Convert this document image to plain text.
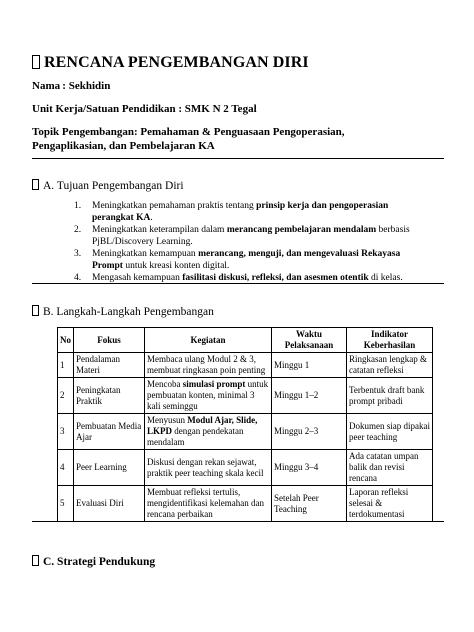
RENCANA PENGEMBANGAN DIRI
Nama : Sekhidin
Unit Kerja/Satuan Pendidikan : SMK N 2 Tegal
Topik Pengembangan: Pemahaman & Penguasaan Pengoperasian,
Pengaplikasian, dan Pembelajaran KA
A. Tujuan Pengembangan Diri
1. Meningkatkan pemahaman praktis tentang prinsip kerja dan pengoperasian perangkat KA.
2. Meningkatkan keterampilan dalam merancang pembelajaran mendalam berbasis PjBL/Discovery Learning.
3. Meningkatkan kemampuan merancang, menguji, dan mengevaluasi Rekayasa Prompt untuk kreasi konten digital.
4. Mengasah kemampuan fasilitasi diskusi, refleksi, dan asesmen otentik di kelas.
B. Langkah-Langkah Pengembangan
No	Fokus	Kegiatan	Waktu Pelaksanaan	Indikator Keberhasilan
1	Pendalaman Materi	Membaca ulang Modul 2 & 3, membuat ringkasan poin penting	Minggu 1	Ringkasan lengkap & catatan refleksi
2	Peningkatan Praktik	Mencoba simulasi prompt untuk pembuatan konten, minimal 3 kali seminggu	Minggu 1–2	Terbentuk draft bank prompt pribadi
3	Pembuatan Media Ajar	Menyusun Modul Ajar, Slide, LKPD dengan pendekatan mendalam	Minggu 2–3	Dokumen siap dipakai peer teaching
4	Peer Learning	Diskusi dengan rekan sejawat, praktik peer teaching skala kecil	Minggu 3–4	Ada catatan umpan balik dan revisi rencana
5	Evaluasi Diri	Membuat refleksi tertulis, mengidentifikasi kelemahan dan rencana perbaikan	Setelah Peer Teaching	Laporan refleksi selesai & terdokumentasi
C. Strategi Pendukung
